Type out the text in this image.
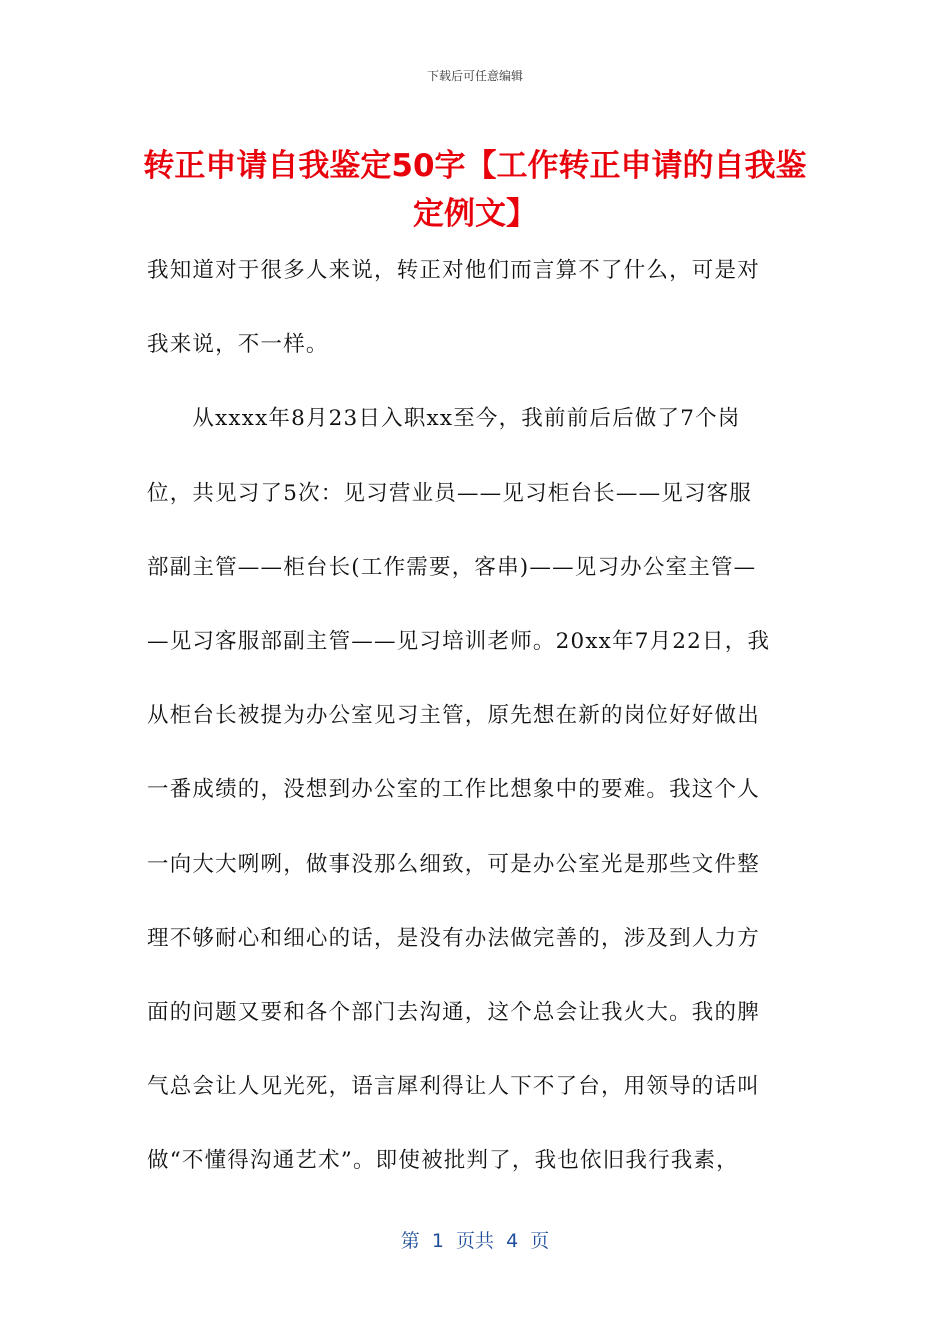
下载后可任意编辑
转正申请自我鉴定50字【工作转正申请的自我鉴定例文】
我知道对于很多人来说，转正对他们而言算不了什么，可是对
我来说，不一样。
　　从xxxx年8月23日入职xx至今，我前前后后做了7个岗
位，共见习了5次：见习营业员——见习柜台长——见习客服
部副主管——柜台长(工作需要，客串)——见习办公室主管—
—见习客服部副主管——见习培训老师。20xx年7月22日，我
从柜台长被提为办公室见习主管，原先想在新的岗位好好做出
一番成绩的，没想到办公室的工作比想象中的要难。我这个人
一向大大咧咧，做事没那么细致，可是办公室光是那些文件整
理不够耐心和细心的话，是没有办法做完善的，涉及到人力方
面的问题又要和各个部门去沟通，这个总会让我火大。我的脾
气总会让人见光死，语言犀利得让人下不了台，用领导的话叫
做“不懂得沟通艺术”。即使被批判了，我也依旧我行我素，
第  1  页共  4  页
